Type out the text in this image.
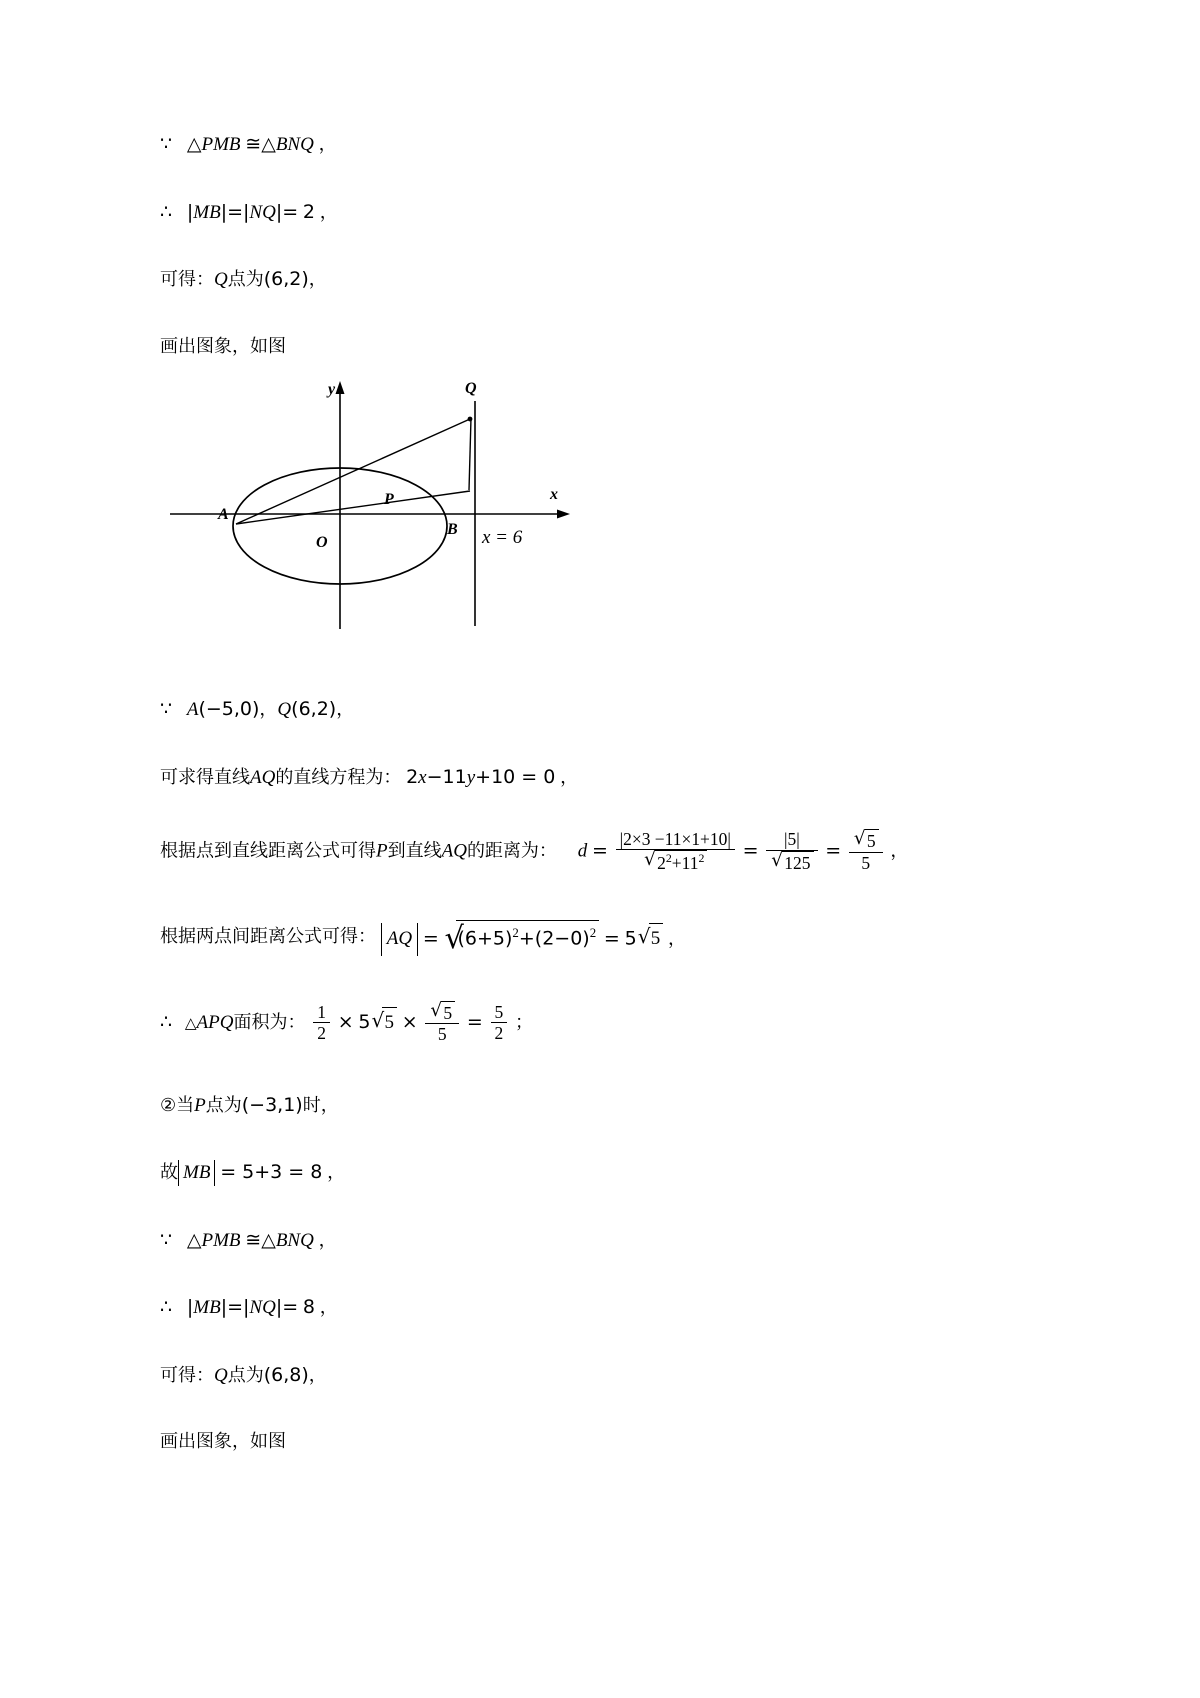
∵ △PMB ≅△BNQ ，
∴ |MB|=|NQ|= 2 ，
可得：Q点为(6,2)，
画出图象，如图
Q
A
B
P
O
x
y
x = 6
∵ A(−5,0)，Q(6,2)，
可求得直线AQ的直线方程为： 2x−11y+10 = 0 ，
根据点到直线距离公式可得P到直线AQ的距离为： d = |2×3 −11×1+10|
√ $2^2+11^2 = |5|$
√ 125 = √ $\frac{5}{5}$ ，
根据两点间距离公式可得： AQ = √ $(6+5)^2+(2-0)^2 = 5$ √ 5 ，
∴ △APQ面积为： $\frac{1}{2} \times 5$ √ 5 × √ $\frac{5}{5} = \frac{5}{2}$ ；
②当P点为(−3,1)时，
故 MB = 5+3 = 8 ，
∵ △PMB ≅△BNQ ，
∴ |MB|=|NQ|= 8 ，
可得：Q点为(6,8)，
画出图象，如图
